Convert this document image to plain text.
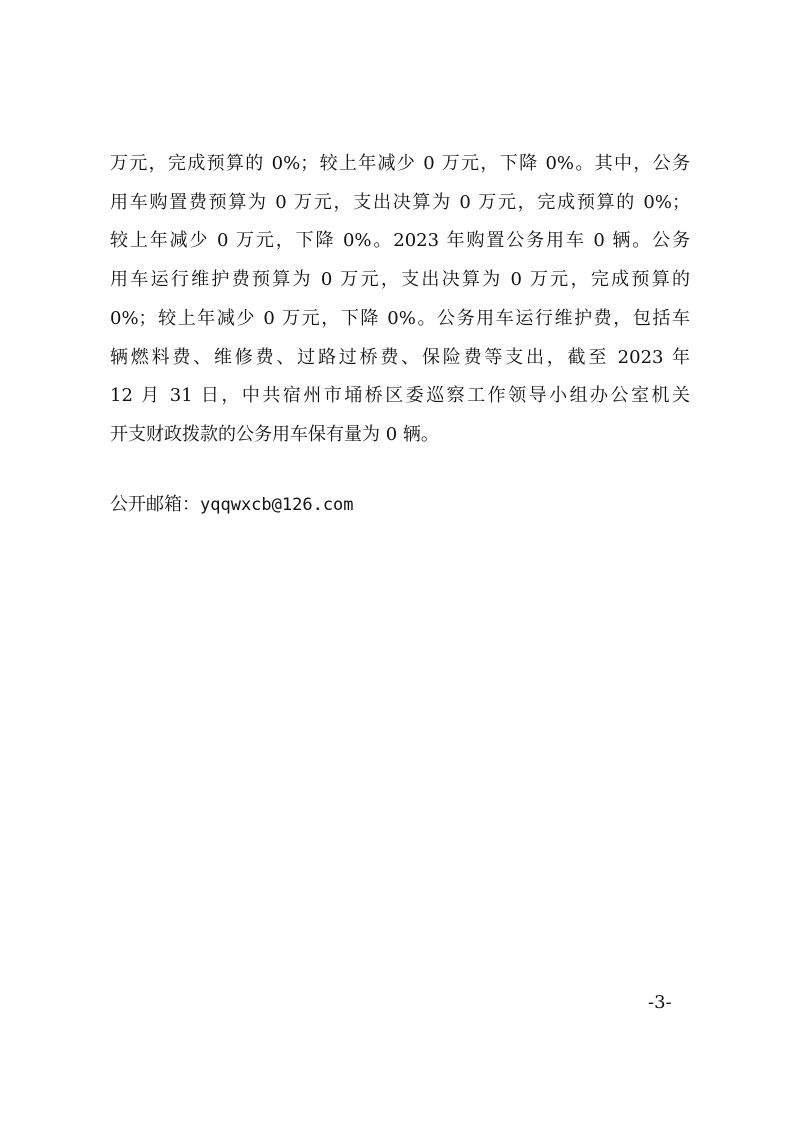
万元，完成预算的 0%；较上年减少 0 万元，下降 0%。其中，公务
用车购置费预算为 0 万元，支出决算为 0 万元，完成预算的 0%；
较上年减少 0 万元，下降 0%。2023 年购置公务用车 0 辆。公务
用车运行维护费预算为 0 万元，支出决算为 0 万元，完成预算的
0%；较上年减少 0 万元，下降 0%。公务用车运行维护费，包括车
辆燃料费、维修费、过路过桥费、保险费等支出，截至 2023 年
12 月 31 日，中共宿州市埇桥区委巡察工作领导小组办公室机关
开支财政拨款的公务用车保有量为 0 辆。

公开邮箱：yqqwxcb@126.com
-3-
